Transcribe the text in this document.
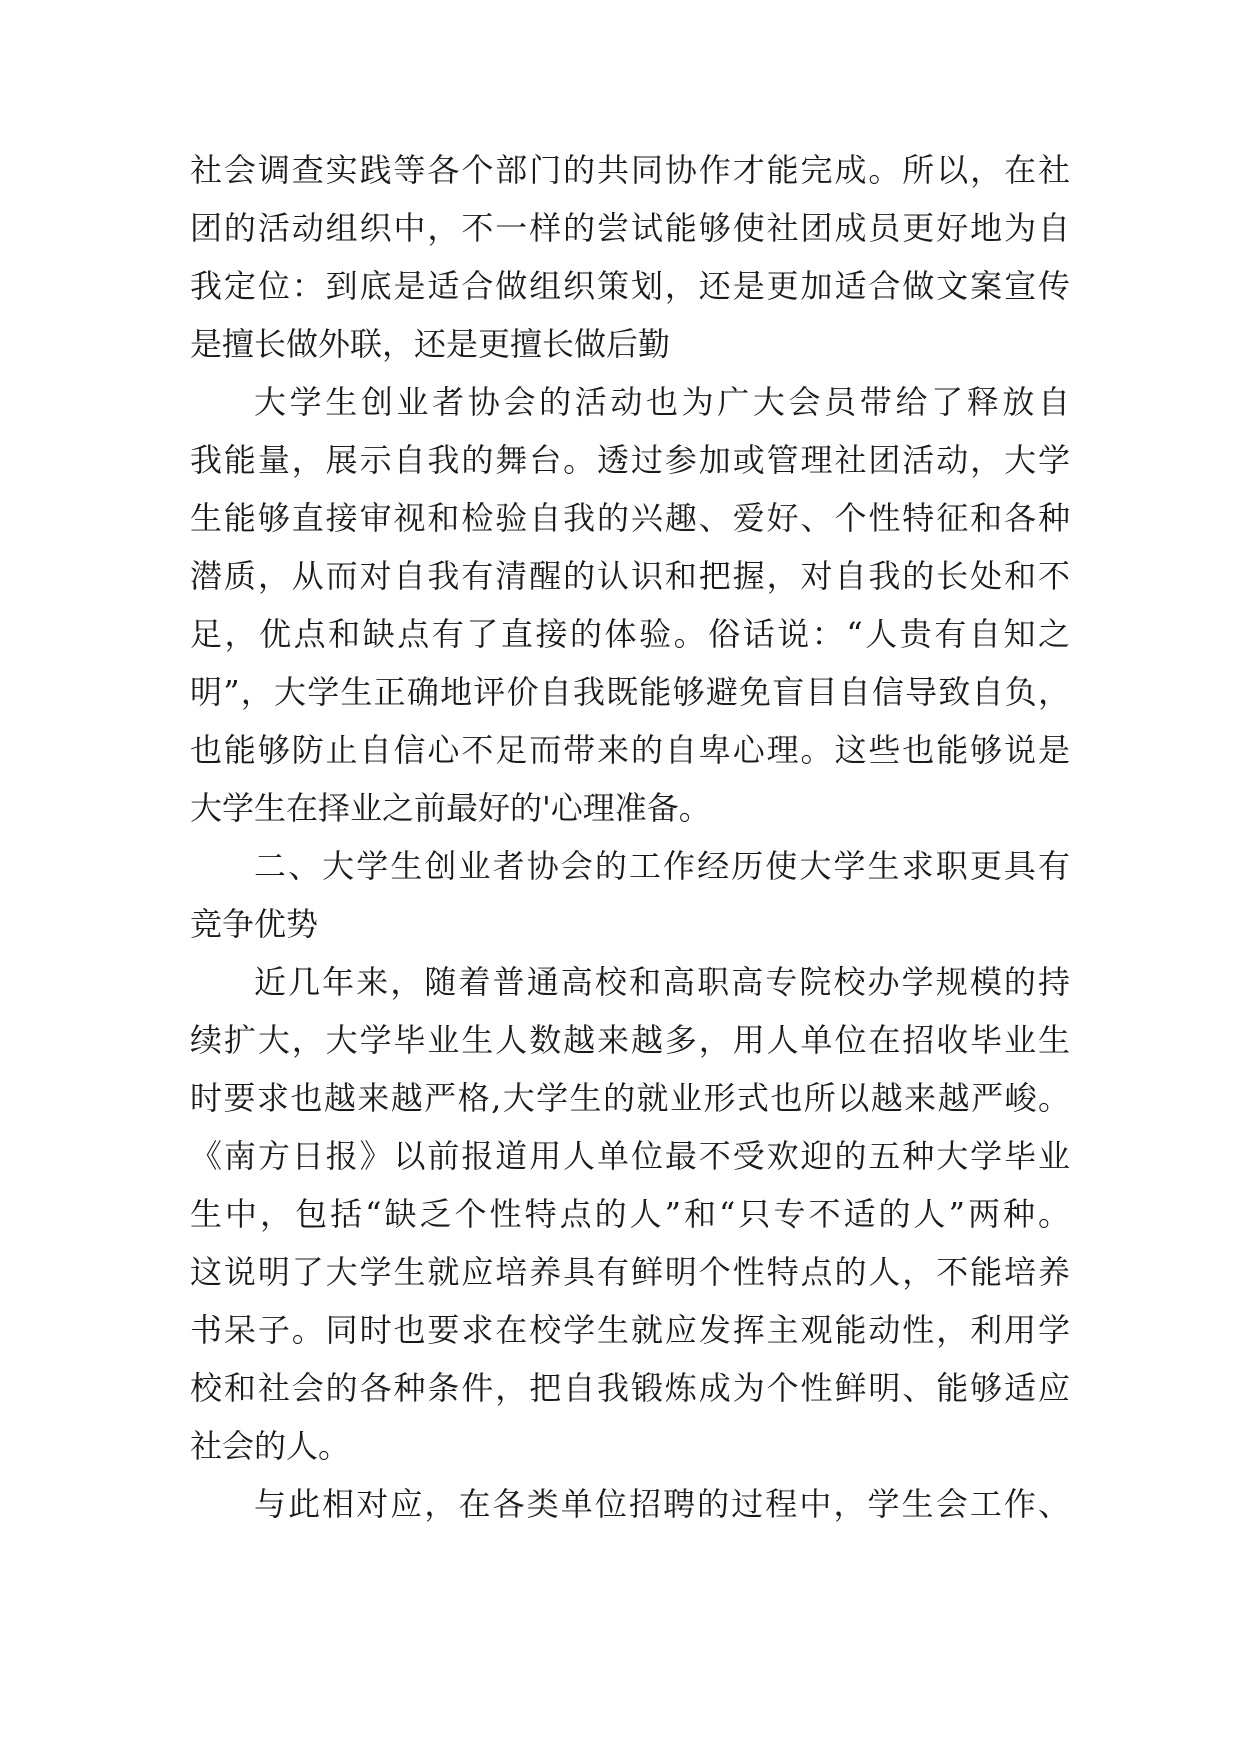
社会调查实践等各个部门的共同协作才能完成。所以，在社
团的活动组织中，不一样的尝试能够使社团成员更好地为自
我定位：到底是适合做组织策划，还是更加适合做文案宣传
是擅长做外联，还是更擅长做后勤
大学生创业者协会的活动也为广大会员带给了释放自
我能量，展示自我的舞台。透过参加或管理社团活动，大学
生能够直接审视和检验自我的兴趣、爱好、个性特征和各种
潜质，从而对自我有清醒的认识和把握，对自我的长处和不
足，优点和缺点有了直接的体验。俗话说：“人贵有自知之
明”，大学生正确地评价自我既能够避免盲目自信导致自负，
也能够防止自信心不足而带来的自卑心理。这些也能够说是
大学生在择业之前最好的'心理准备。
二、大学生创业者协会的工作经历使大学生求职更具有
竞争优势
近几年来，随着普通高校和高职高专院校办学规模的持
续扩大，大学毕业生人数越来越多，用人单位在招收毕业生
时要求也越来越严格,大学生的就业形式也所以越来越严峻。
《南方日报》以前报道用人单位最不受欢迎的五种大学毕业
生中，包括“缺乏个性特点的人”和“只专不适的人”两种。
这说明了大学生就应培养具有鲜明个性特点的人，不能培养
书呆子。同时也要求在校学生就应发挥主观能动性，利用学
校和社会的各种条件，把自我锻炼成为个性鲜明、能够适应
社会的人。
与此相对应，在各类单位招聘的过程中，学生会工作、
